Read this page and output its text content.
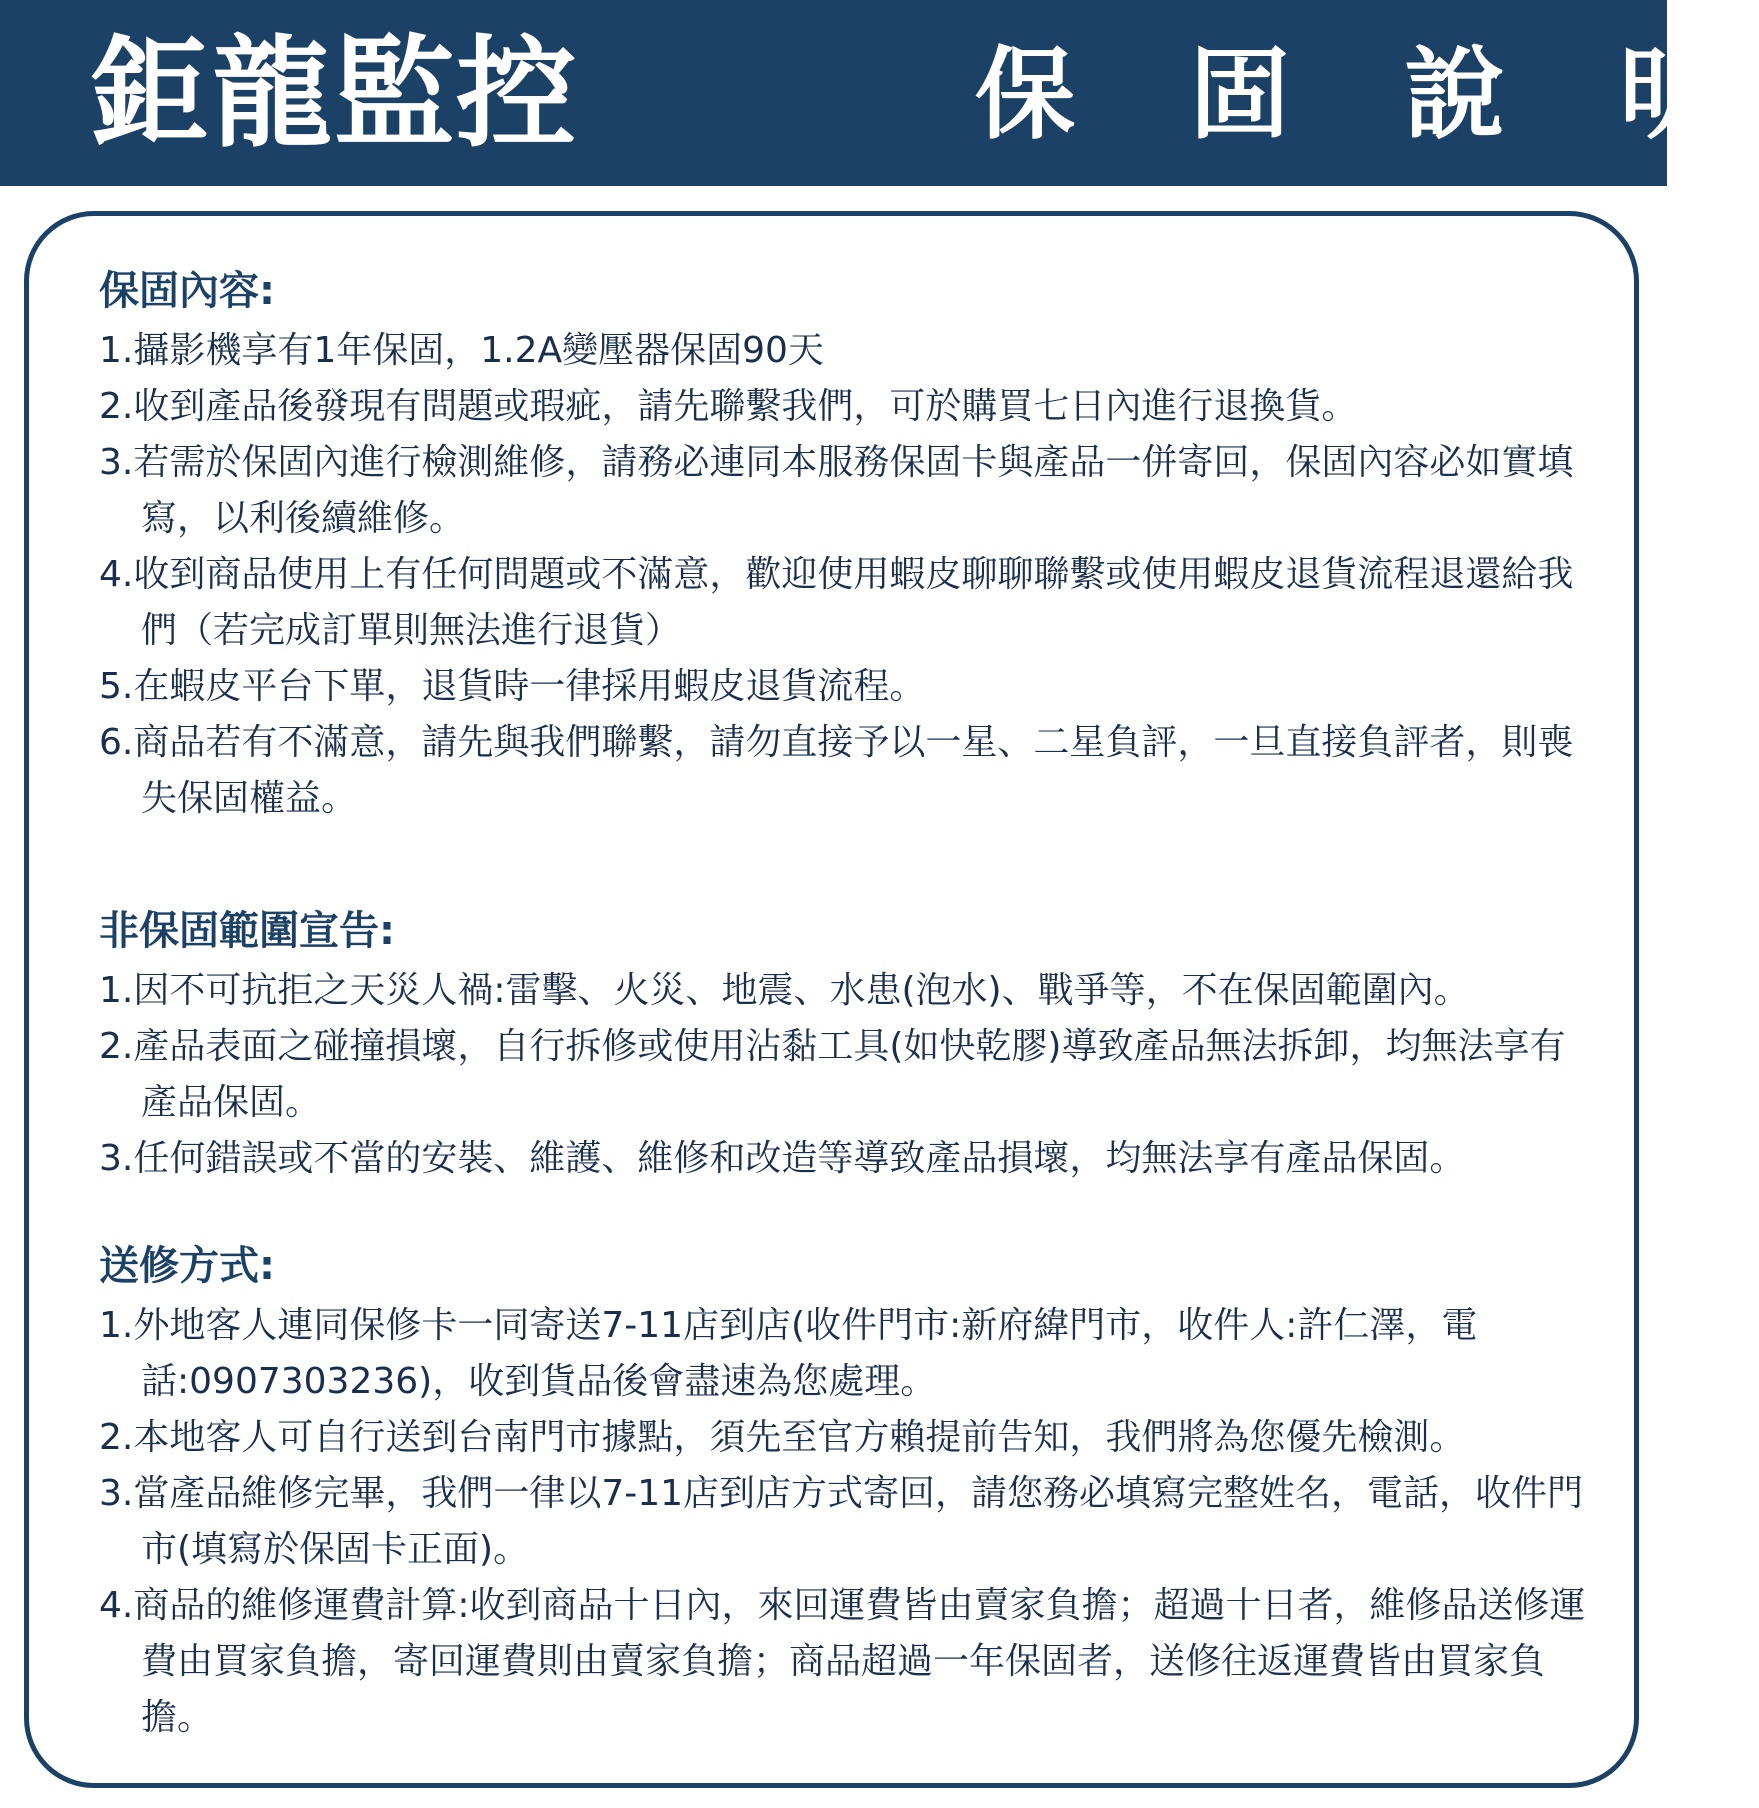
鉅龍監控	保 固 說 明
保固內容:

1.攝影機享有1年保固，1.2A變壓器保固90天

2.收到產品後發現有問題或瑕疵，請先聯繫我們，可於購買七日內進行退換貨。

3.若需於保固內進行檢測維修，請務必連同本服務保固卡與產品一併寄回，保固內容必如實填寫，以利後續維修。

4.收到商品使用上有任何問題或不滿意，歡迎使用蝦皮聊聊聯繫或使用蝦皮退貨流程退還給我們（若完成訂單則無法進行退貨）

5.在蝦皮平台下單，退貨時一律採用蝦皮退貨流程。

6.商品若有不滿意，請先與我們聯繫，請勿直接予以一星、二星負評，一旦直接負評者，則喪失保固權益。

非保固範圍宣告:

1.因不可抗拒之天災人禍:雷擊、火災、地震、水患(泡水)、戰爭等，不在保固範圍內。

2.產品表面之碰撞損壞，自行拆修或使用沾黏工具(如快乾膠)導致產品無法拆卸，均無法享有產品保固。

3.任何錯誤或不當的安裝、維護、維修和改造等導致產品損壞，均無法享有產品保固。

送修方式:

1.外地客人連同保修卡一同寄送7-11店到店(收件門市:新府緯門市，收件人:許仁澤，電話:0907303236)，收到貨品後會盡速為您處理。

2.本地客人可自行送到台南門市據點，須先至官方賴提前告知，我們將為您優先檢測。

3.當產品維修完畢，我們一律以7-11店到店方式寄回，請您務必填寫完整姓名，電話，收件門市(填寫於保固卡正面)。

4.商品的維修運費計算:收到商品十日內，來回運費皆由賣家負擔；超過十日者，維修品送修運費由買家負擔，寄回運費則由賣家負擔；商品超過一年保固者，送修往返運費皆由買家負擔。
